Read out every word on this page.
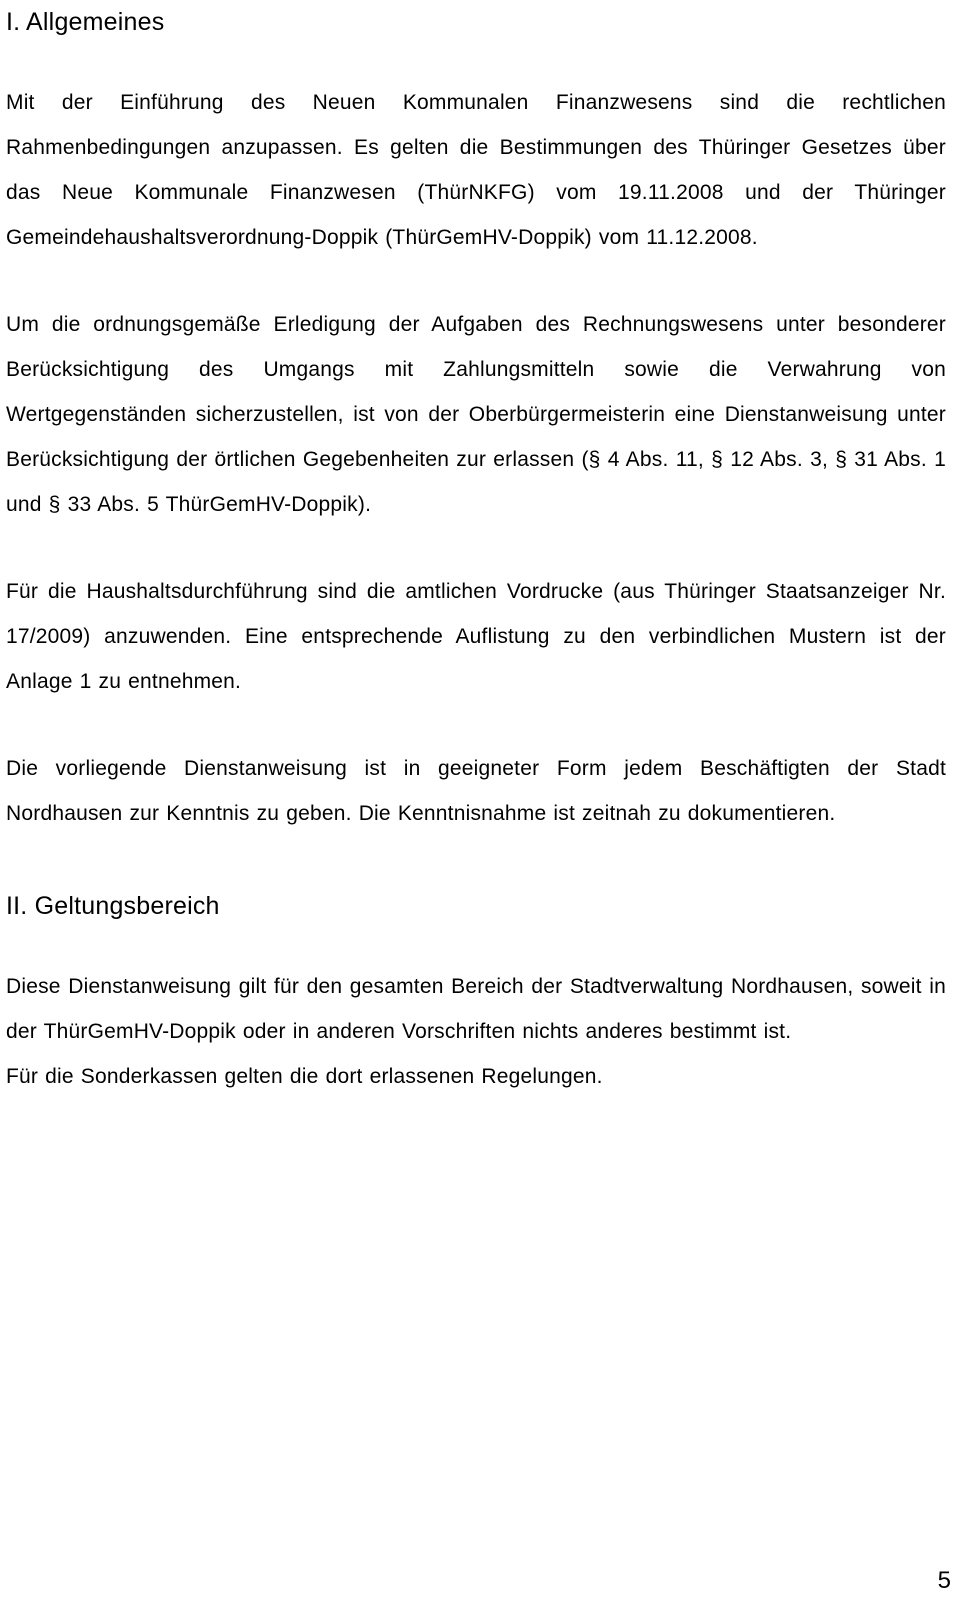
I. Allgemeines

Mit der Einführung des Neuen Kommunalen Finanzwesens sind die rechtlichen Rahmenbedingungen anzupassen. Es gelten die Bestimmungen des Thüringer Gesetzes über das Neue Kommunale Finanzwesen (ThürNKFG) vom 19.11.2008 und der Thüringer Gemeindehaushaltsverordnung-Doppik (ThürGemHV-Doppik) vom 11.12.2008.

Um die ordnungsgemäße Erledigung der Aufgaben des Rechnungswesens unter besonderer Berücksichtigung des Umgangs mit Zahlungsmitteln sowie die Verwahrung von Wertgegenständen sicherzustellen, ist von der Oberbürgermeisterin eine Dienstanweisung unter Berücksichtigung der örtlichen Gegebenheiten zur erlassen (§ 4 Abs. 11, § 12 Abs. 3, § 31 Abs. 1 und § 33 Abs. 5 ThürGemHV-Doppik).

Für die Haushaltsdurchführung sind die amtlichen Vordrucke (aus Thüringer Staatsanzeiger Nr. 17/2009) anzuwenden. Eine entsprechende Auflistung zu den verbindlichen Mustern ist der Anlage 1 zu entnehmen.

Die vorliegende Dienstanweisung ist in geeigneter Form jedem Beschäftigten der Stadt Nordhausen zur Kenntnis zu geben. Die Kenntnisnahme ist zeitnah zu dokumentieren.

II. Geltungsbereich

Diese Dienstanweisung gilt für den gesamten Bereich der Stadtverwaltung Nordhausen, soweit in der ThürGemHV-Doppik oder in anderen Vorschriften nichts anderes bestimmt ist.

Für die Sonderkassen gelten die dort erlassenen Regelungen.

5
